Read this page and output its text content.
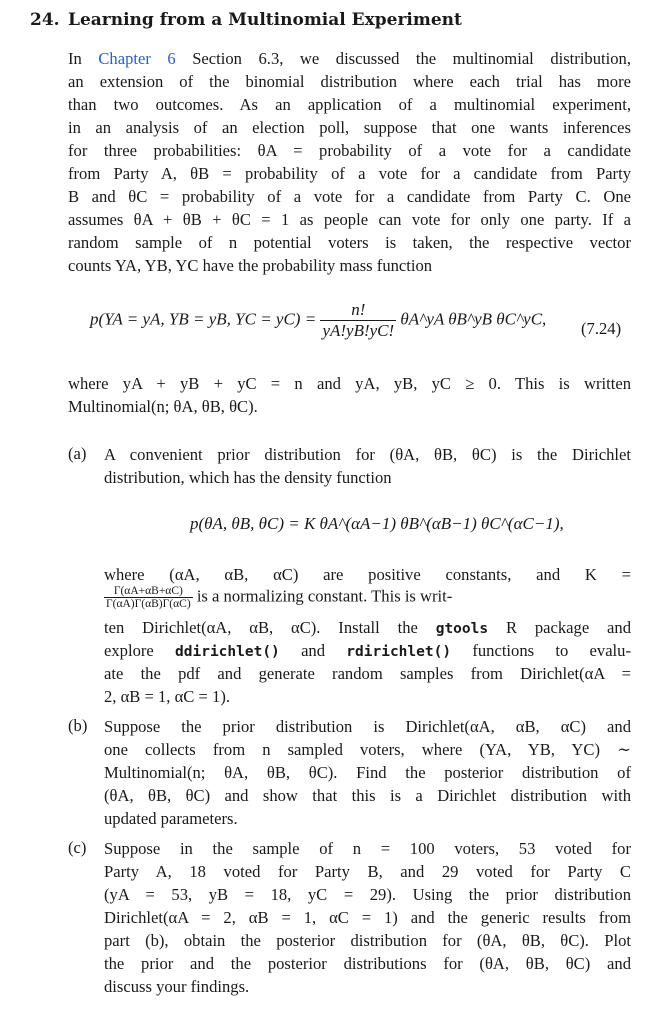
24. Learning from a Multinomial Experiment
In Chapter 6 Section 6.3, we discussed the multinomial distribution,
an extension of the binomial distribution where each trial has more
than two outcomes. As an application of a multinomial experiment,
in an analysis of an election poll, suppose that one wants inferences
for three probabilities: θA = probability of a vote for a candidate
from Party A, θB = probability of a vote for a candidate from Party
B and θC = probability of a vote for a candidate from Party C. One
assumes θA + θB + θC = 1 as people can vote for only one party. If a
random sample of n potential voters is taken, the respective vector
counts YA, YB, YC have the probability mass function
p(YA = yA, YB = yB, YC = $yC) = \frac{n!}{yA!yB!yC!}$ θA^yA θB^yB θC^yC,
(7.24)
where yA + yB + yC = n and yA, yB, yC ≥ 0. This is written
Multinomial(n; θA, θB, θC).
(a) A convenient prior distribution for (θA, θB, θC) is the Dirichlet
distribution, which has the density function
p(θA, θB, θC) = K θA^(αA−1) θB^(αB−1) θC^(αC−1),
where (αA, αB, αC) are positive constants, and K =
$\frac{\Gamma(\alpha A+\alpha B+\alpha C)}{\Gamma(\alpha A)\Gamma(\alpha B)\Gamma(\alpha C)}$ is a normalizing constant. This is writ-
ten Dirichlet(αA, αB, αC). Install the gtools R package and
explore ddirichlet() and rdirichlet() functions to evalu-
ate the pdf and generate random samples from Dirichlet(αA =
2, αB = 1, αC = 1).
(b) Suppose the prior distribution is Dirichlet(αA, αB, αC) and
one collects from n sampled voters, where (YA, YB, YC) ∼
Multinomial(n; θA, θB, θC). Find the posterior distribution of
(θA, θB, θC) and show that this is a Dirichlet distribution with
updated parameters.
(c) Suppose in the sample of n = 100 voters, 53 voted for
Party A, 18 voted for Party B, and 29 voted for Party C
(yA = 53, yB = 18, yC = 29). Using the prior distribution
Dirichlet(αA = 2, αB = 1, αC = 1) and the generic results from
part (b), obtain the posterior distribution for (θA, θB, θC). Plot
the prior and the posterior distributions for (θA, θB, θC) and
discuss your findings.
